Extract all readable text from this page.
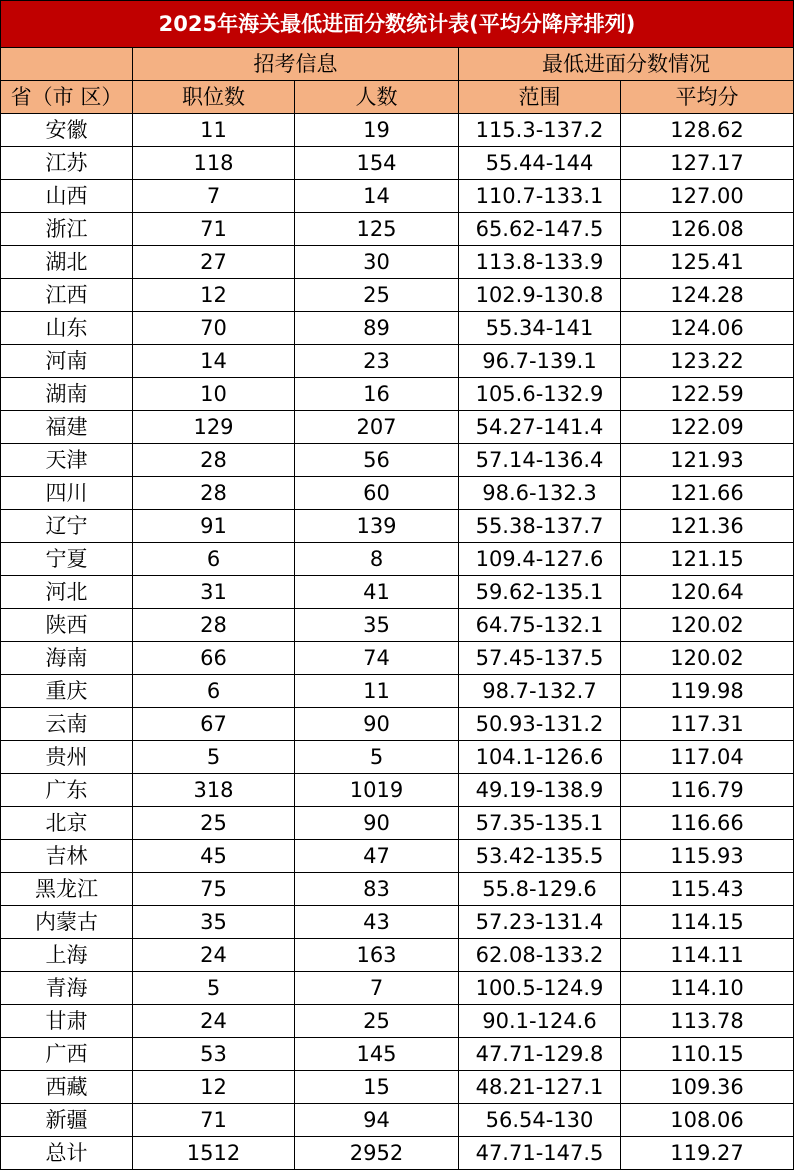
2025年海关最低进面分数统计表(平均分降序排列)				
	招考信息		最低进面分数情况	
省（市 区）	职位数	人数	范围	平均分
安徽	11	19	115.3-137.2	128.62
江苏	118	154	55.44-144	127.17
山西	7	14	110.7-133.1	127.00
浙江	71	125	65.62-147.5	126.08
湖北	27	30	113.8-133.9	125.41
江西	12	25	102.9-130.8	124.28
山东	70	89	55.34-141	124.06
河南	14	23	96.7-139.1	123.22
湖南	10	16	105.6-132.9	122.59
福建	129	207	54.27-141.4	122.09
天津	28	56	57.14-136.4	121.93
四川	28	60	98.6-132.3	121.66
辽宁	91	139	55.38-137.7	121.36
宁夏	6	8	109.4-127.6	121.15
河北	31	41	59.62-135.1	120.64
陕西	28	35	64.75-132.1	120.02
海南	66	74	57.45-137.5	120.02
重庆	6	11	98.7-132.7	119.98
云南	67	90	50.93-131.2	117.31
贵州	5	5	104.1-126.6	117.04
广东	318	1019	49.19-138.9	116.79
北京	25	90	57.35-135.1	116.66
吉林	45	47	53.42-135.5	115.93
黑龙江	75	83	55.8-129.6	115.43
内蒙古	35	43	57.23-131.4	114.15
上海	24	163	62.08-133.2	114.11
青海	5	7	100.5-124.9	114.10
甘肃	24	25	90.1-124.6	113.78
广西	53	145	47.71-129.8	110.15
西藏	12	15	48.21-127.1	109.36
新疆	71	94	56.54-130	108.06
总计	1512	2952	47.71-147.5	119.27
